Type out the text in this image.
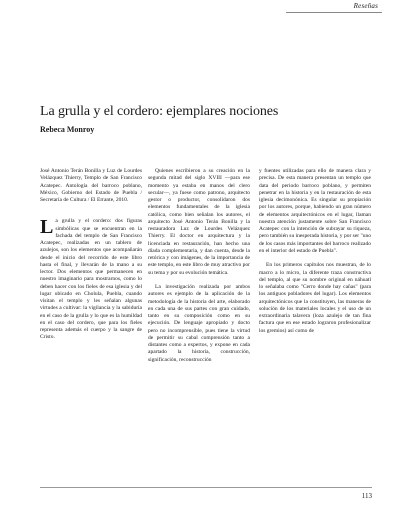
Reseñas
La grulla y el cordero: ejemplares nociones
Rebeca Monroy

José Antonio Terán Bonilla y Luz de Lourdes Velázquez Thierry, Templo de San Francisco Acatepec. Antología del barroco poblano, México, Gobierno del Estado de Puebla / Secretaría de Cultura / El Errante, 2010.

La grulla y el cordero: dos figuras simbólicas que se encuentran en la fachada del templo de San Francisco Acatepec, realizadas en un tablero de azulejos, son los elementos que acompañarán desde el inicio del recorrido de este libro hasta el final, y llevarán de la mano a su lector. Dos elementos que permanecen en nuestro imaginario para mostrarnos, como lo deben hacer con los fieles de esa iglesia y del lugar ubicado en Cholula, Puebla, cuando visitan el templo y les señalan algunas virtudes a cultivar: la vigilancia y la sabiduría en el caso de la grulla y lo que es la humildad en el caso del cordero, que para los fieles representa además el cuerpo y la sangre de Cristo.

Quienes escribieron a su creación en la segunda mitad del siglo XVIII —para ese momento ya estaba en manos del clero secular—, ya fuese como patrono, arquitecto gestor o productor, consolidaron dos elementos fundamentales de la iglesia católica, como bien señalan los autores, el arquitecto José Antonio Terán Bonilla y la restauradora Luz de Lourdes Velázquez Thierry. El doctor en arquitectura y la licenciada en restauración, han hecho una díada complementaria, y dan cuenta, desde la retórica y con imágenes, de la importancia de este templo, en este libro de muy atractivo por su tema y por su evolución temática.

La investigación realizada por ambos autores es ejemplo de la aplicación de la metodología de la historia del arte, elaborado en cada una de sus partes con gran cuidado, tanto en su composición como en su ejecución. De lenguaje apropiado y docto pero no incomprensible, pues tiene la virtud de permitir su cabal comprensión tanto a distantes como a expertos, y expone en cada apartado la historia, construcción, significación, reconstrucción

y fuentes utilizadas para ello de manera clara y precisa. De esta manera presentan un templo que data del periodo barroco poblano, y permiten penetrar en la historia y en la restauración de esta iglesia decimonónica. Es singular su propiación por los autores, porque, habiendo un gran número de elementos arquitectónicos en el lugar, llaman nuestra atención justamente sobre San Francisco Acatepec con la intención de subrayar su riqueza, pero también su inesperada historia, y por ser "uno de los casos más importantes del barroco realizado en el interior del estado de Puebla".

En los primeros capítulos nos muestran, de lo macro a lo micro, la diferente traza constructiva del templo, al que su nombre original en náhuatl lo señalaba como "Cerro donde hay cañas" (para los antiguos pobladores del lugar). Los elementos arquitectónicos que la constituyen, las maneras de solución de los materiales locales y el uso de un extraordinaria talavera (loza azulejo de tan fina factura que en ese estado lograron profesionalizar los gremios) así como de

113
